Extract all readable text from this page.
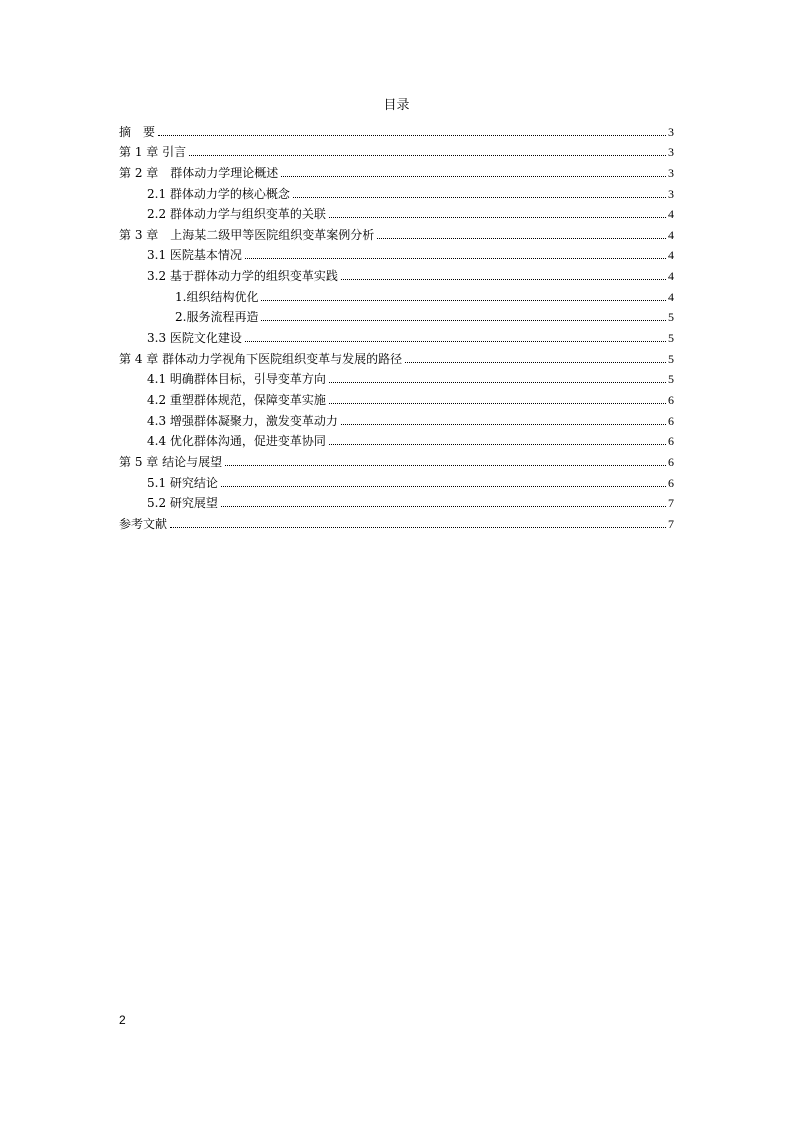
目录
摘　要	3
第 1 章 引言	3
第 2 章　群体动力学理论概述	3
2.1 群体动力学的核心概念	3
2.2 群体动力学与组织变革的关联	4
第 3 章　上海某二级甲等医院组织变革案例分析	4
3.1 医院基本情况	4
3.2 基于群体动力学的组织变革实践	4
1.组织结构优化	4
2.服务流程再造	5
3.3 医院文化建设	5
第 4 章 群体动力学视角下医院组织变革与发展的路径	5
4.1 明确群体目标，引导变革方向	5
4.2 重塑群体规范，保障变革实施	6
4.3 增强群体凝聚力，激发变革动力	6
4.4 优化群体沟通，促进变革协同	6
第 5 章 结论与展望	6
5.1 研究结论	6
5.2 研究展望	7
参考文献	7
2
